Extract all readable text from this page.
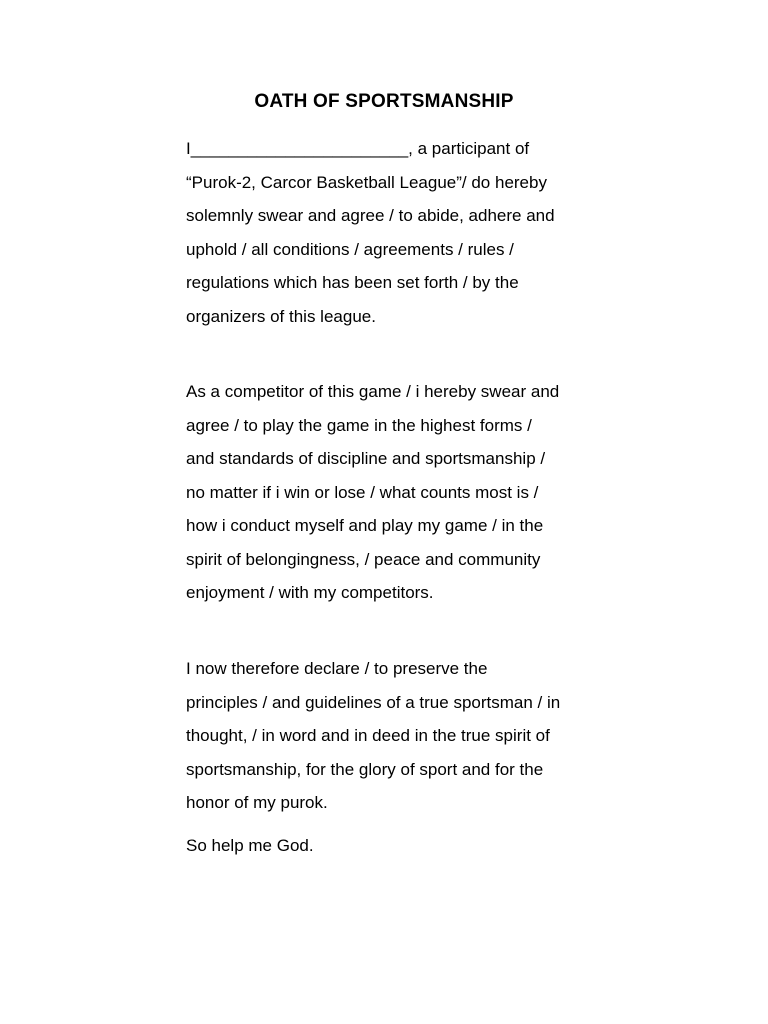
OATH OF SPORTSMANSHIP

I_______________________, a participant of
“Purok-2, Carcor Basketball League”/ do hereby
solemnly swear and agree / to abide, adhere and
uphold / all conditions / agreements / rules /
regulations which has been set forth / by the
organizers of this league.

As a competitor of this game / i hereby swear and
agree / to play the game in the highest forms /
and standards of discipline and sportsmanship /
no matter if i win or lose / what counts most is /
how i conduct myself and play my game / in the
spirit of belongingness, / peace and community
enjoyment / with my competitors.

I now therefore declare / to preserve the
principles / and guidelines of a true sportsman / in
thought, / in word and in deed in the true spirit of
sportsmanship, for the glory of sport and for the
honor of my purok.

So help me God.
